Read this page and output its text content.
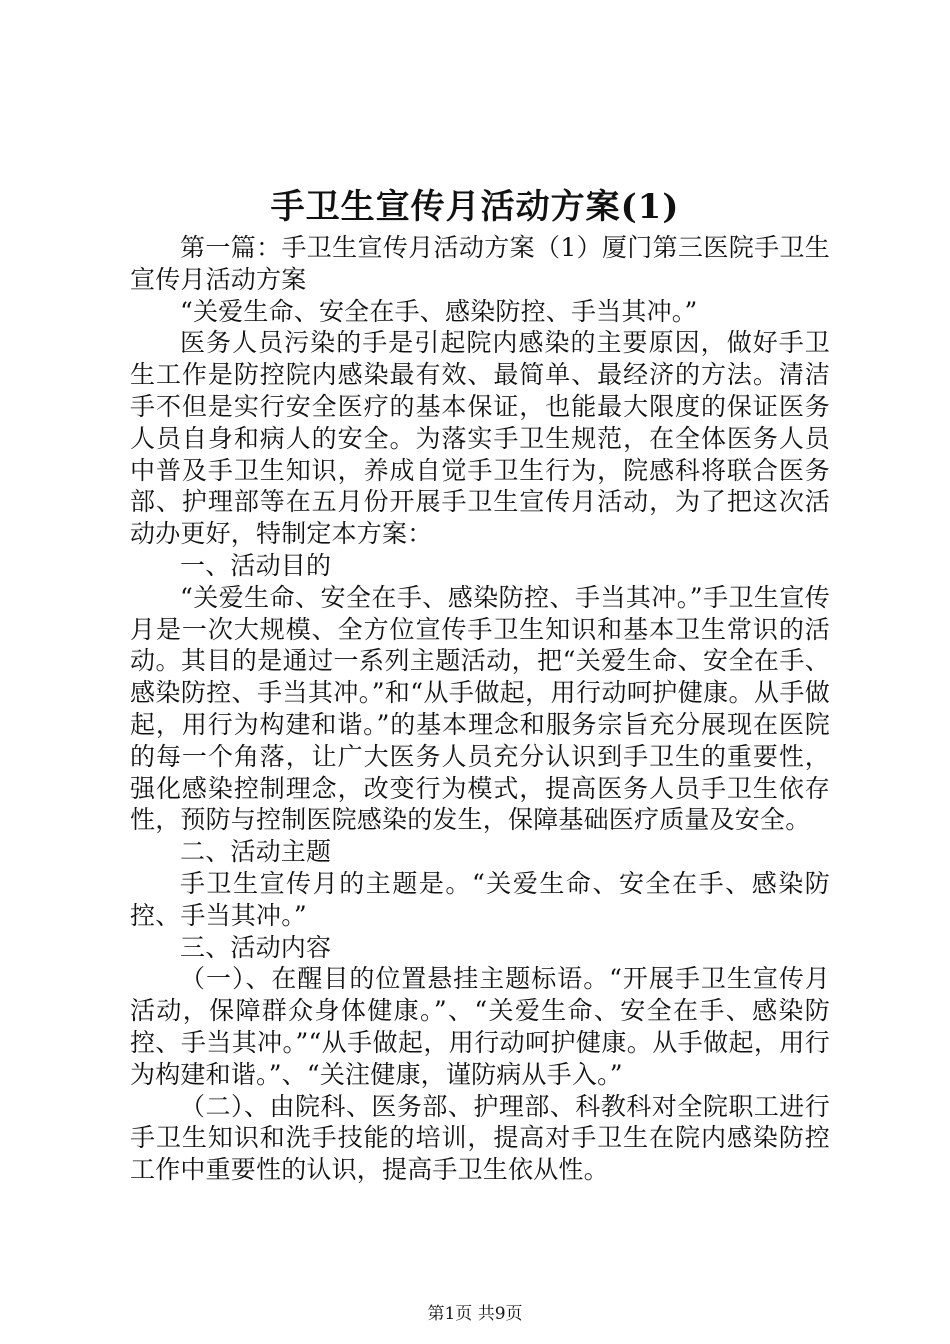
手卫生宣传月活动方案(1)

第一篇：手卫生宣传月活动方案（1）厦门第三医院手卫生宣传月活动方案

“关爱生命、安全在手、感染防控、手当其冲。”

医务人员污染的手是引起院内感染的主要原因，做好手卫生工作是防控院内感染最有效、最简单、最经济的方法。清洁手不但是实行安全医疗的基本保证，也能最大限度的保证医务人员自身和病人的安全。为落实手卫生规范，在全体医务人员中普及手卫生知识，养成自觉手卫生行为，院感科将联合医务部、护理部等在五月份开展手卫生宣传月活动，为了把这次活动办更好，特制定本方案：

一、活动目的

“关爱生命、安全在手、感染防控、手当其冲。”手卫生宣传月是一次大规模、全方位宣传手卫生知识和基本卫生常识的活动。其目的是通过一系列主题活动，把“关爱生命、安全在手、感染防控、手当其冲。”和“从手做起，用行动呵护健康。从手做起，用行为构建和谐。”的基本理念和服务宗旨充分展现在医院的每一个角落，让广大医务人员充分认识到手卫生的重要性，强化感染控制理念，改变行为模式，提高医务人员手卫生依存性，预防与控制医院感染的发生，保障基础医疗质量及安全。

二、活动主题

手卫生宣传月的主题是。“关爱生命、安全在手、感染防控、手当其冲。”

三、活动内容

（一）、在醒目的位置悬挂主题标语。“开展手卫生宣传月活动，保障群众身体健康。”、“关爱生命、安全在手、感染防控、手当其冲。”“从手做起，用行动呵护健康。从手做起，用行为构建和谐。”、“关注健康，谨防病从手入。”

（二）、由院科、医务部、护理部、科教科对全院职工进行手卫生知识和洗手技能的培训，提高对手卫生在院内感染防控工作中重要性的认识，提高手卫生依从性。

第1页 共9页
